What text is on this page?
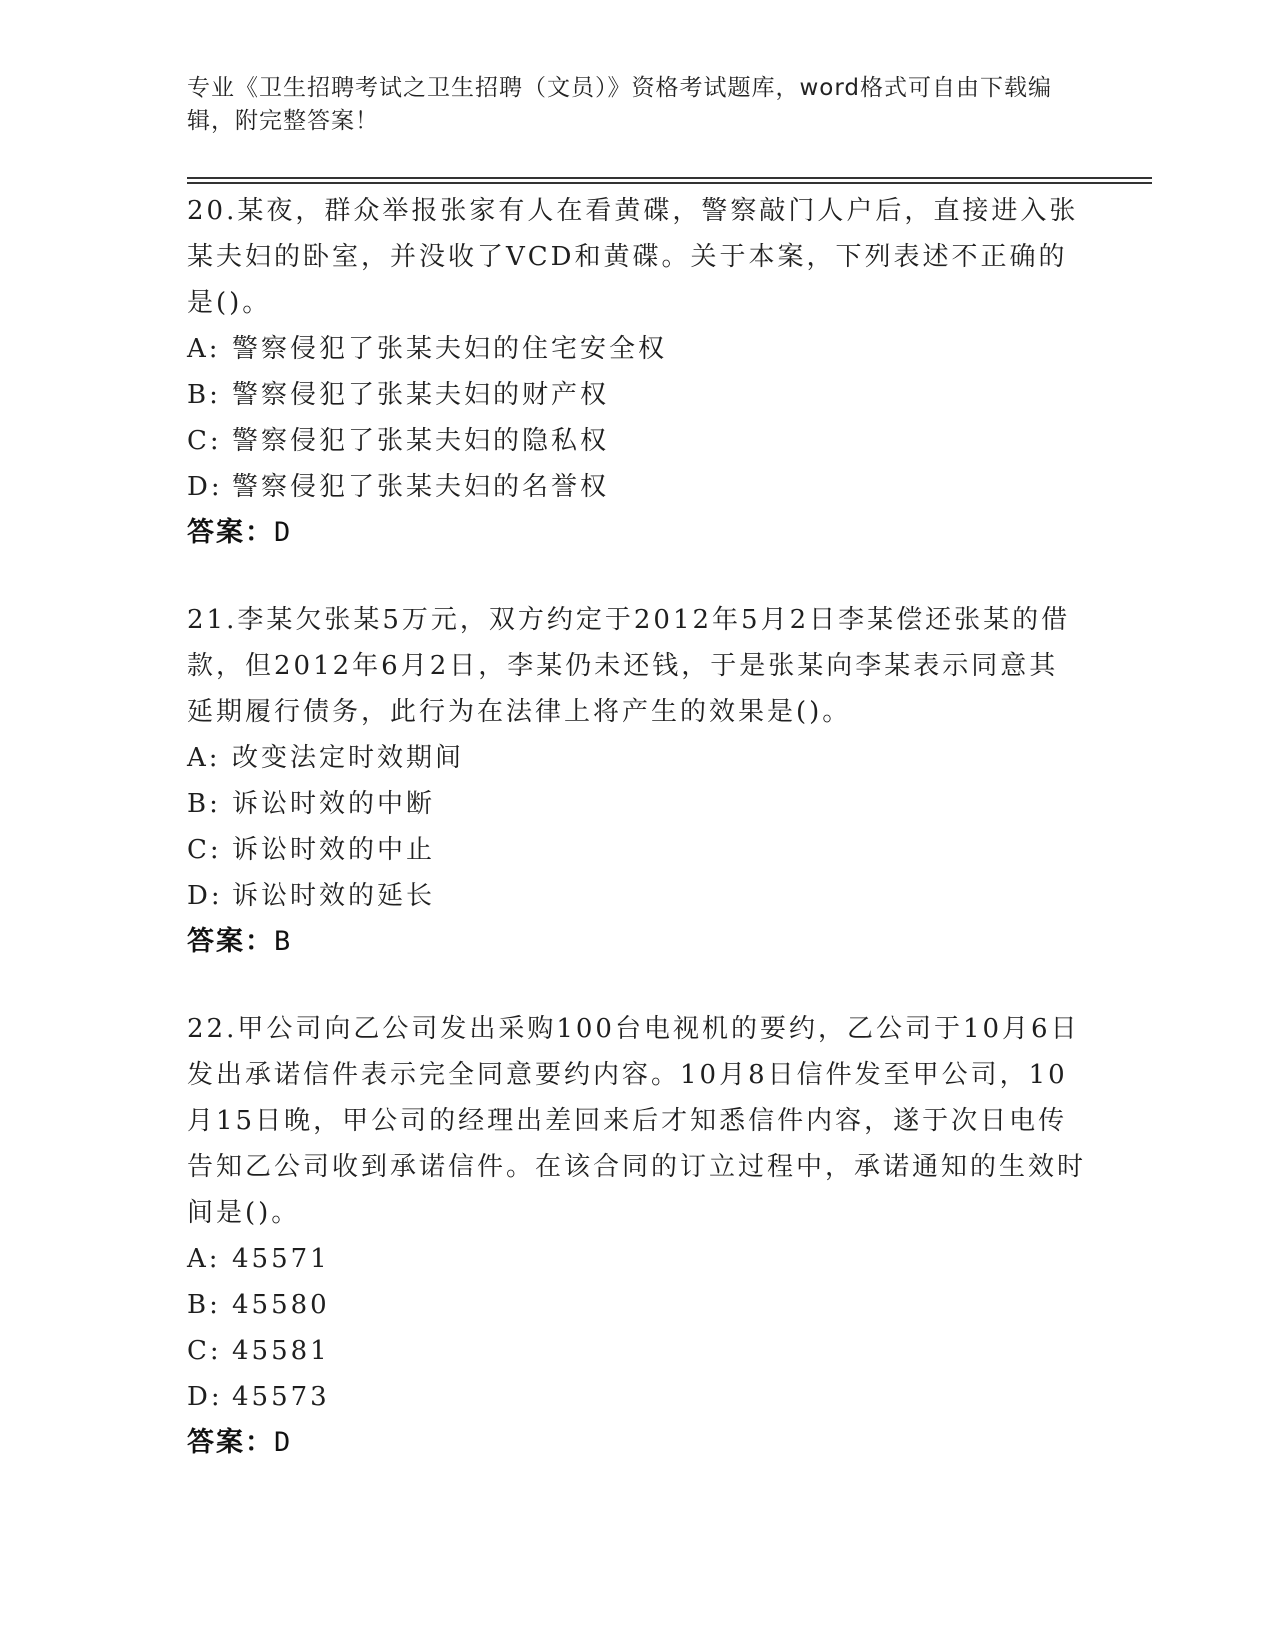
专业《卫生招聘考试之卫生招聘（文员）》资格考试题库，word格式可自由下载编辑，附完整答案！

20.某夜，群众举报张家有人在看黄碟，警察敲门人户后，直接进入张某夫妇的卧室，并没收了VCD和黄碟。关于本案，下列表述不正确的是()。

A: 警察侵犯了张某夫妇的住宅安全权
B: 警察侵犯了张某夫妇的财产权
C: 警察侵犯了张某夫妇的隐私权
D: 警察侵犯了张某夫妇的名誉权
答案：D

21.李某欠张某5万元，双方约定于2012年5月2日李某偿还张某的借款，但2012年6月2日，李某仍未还钱，于是张某向李某表示同意其延期履行债务，此行为在法律上将产生的效果是()。

A: 改变法定时效期间
B: 诉讼时效的中断
C: 诉讼时效的中止
D: 诉讼时效的延长
答案：B

22.甲公司向乙公司发出采购100台电视机的要约，乙公司于10月6日发出承诺信件表示完全同意要约内容。10月8日信件发至甲公司，10月15日晚，甲公司的经理出差回来后才知悉信件内容，遂于次日电传告知乙公司收到承诺信件。在该合同的订立过程中，承诺通知的生效时间是()。

A: 45571
B: 45580
C: 45581
D: 45573
答案：D
